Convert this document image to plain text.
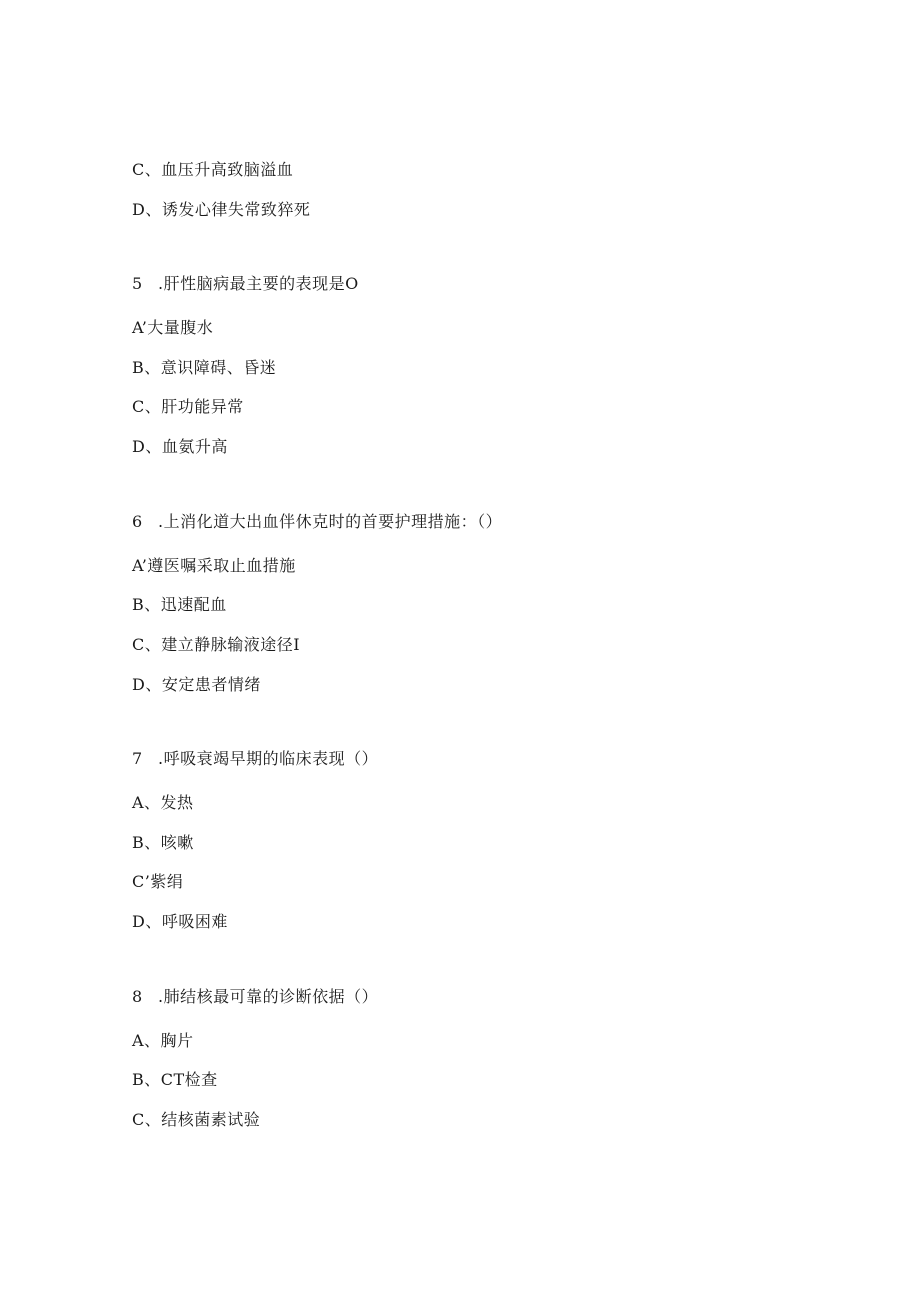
C、血压升高致脑溢血
D、诱发心律失常致猝死
5 .肝性脑病最主要的表现是O
A’大量腹水
B、意识障碍、昏迷
C、肝功能异常
D、血氨升高
6 .上消化道大出血伴休克时的首要护理措施：（）
A’遵医嘱采取止血措施
B、迅速配血
C、建立静脉输液途径I
D、安定患者情绪
7 .呼吸衰竭早期的临床表现（）
A、发热
B、咳嗽
C’紫绢
D、呼吸困难
8 .肺结核最可靠的诊断依据（）
A、胸片
B、CT检查
C、结核菌素试验
